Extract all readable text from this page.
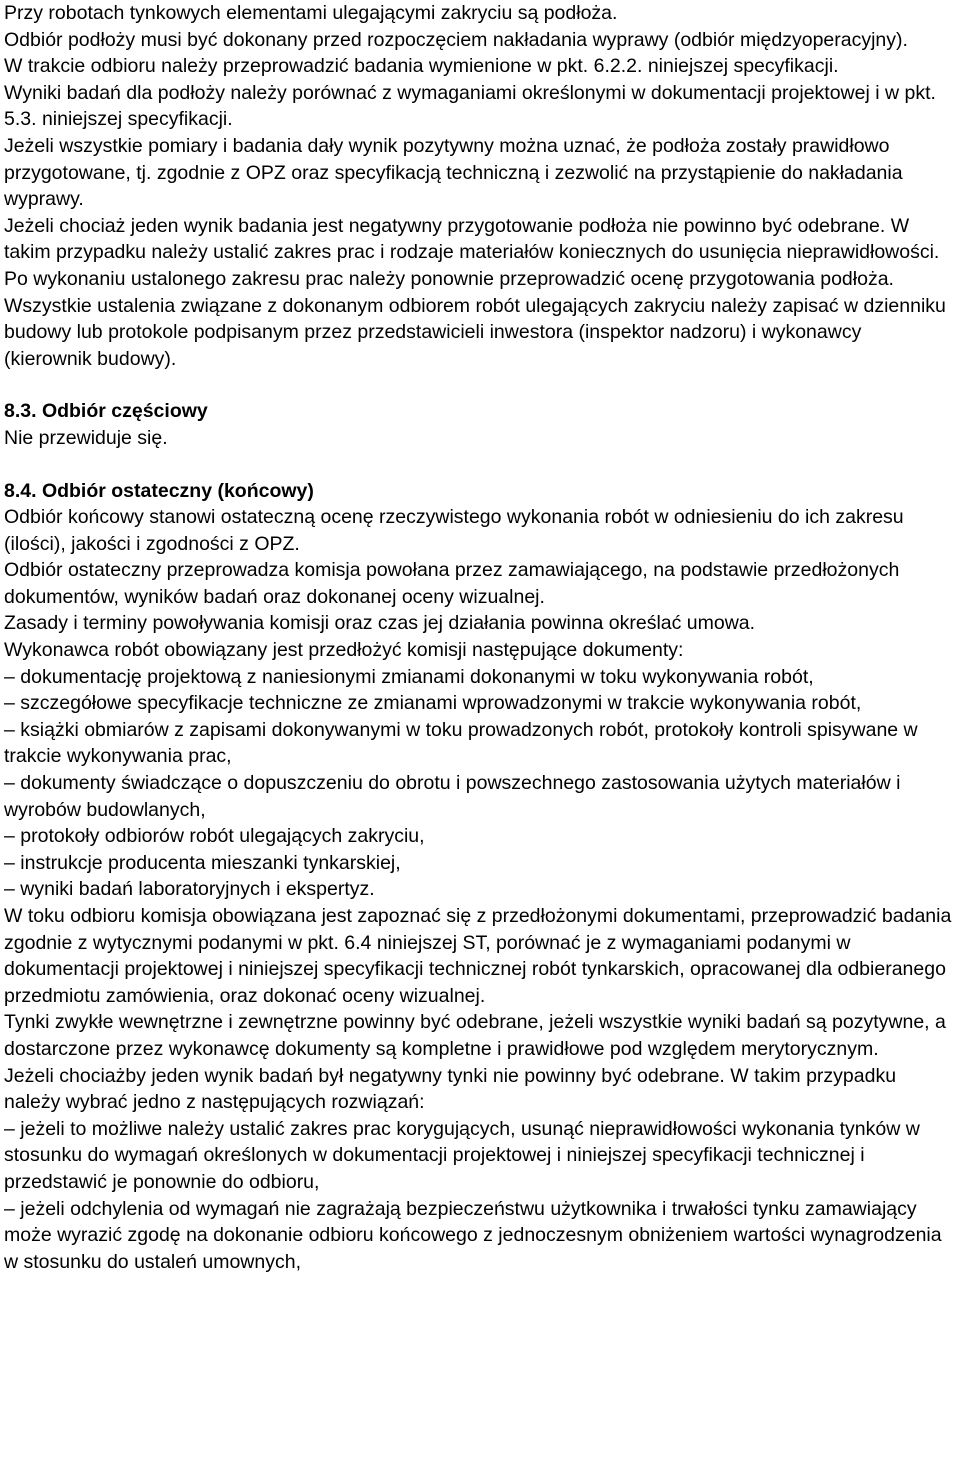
Przy robotach tynkowych elementami ulegającymi zakryciu są podłoża.

Odbiór podłoży musi być dokonany przed rozpoczęciem nakładania wyprawy (odbiór międzyoperacyjny).

W trakcie odbioru należy przeprowadzić badania wymienione w pkt. 6.2.2. niniejszej specyfikacji.

Wyniki badań dla podłoży należy porównać z wymaganiami określonymi w dokumentacji projektowej i w pkt. 5.3. niniejszej specyfikacji.

Jeżeli wszystkie pomiary i badania dały wynik pozytywny można uznać, że podłoża zostały prawidłowo przygotowane, tj. zgodnie z OPZ oraz specyfikacją techniczną i zezwolić na przystąpienie do nakładania wyprawy.

Jeżeli chociaż jeden wynik badania jest negatywny przygotowanie podłoża nie powinno być odebrane. W takim przypadku należy ustalić zakres prac i rodzaje materiałów koniecznych do usunięcia nieprawidłowości. Po wykonaniu ustalonego zakresu prac należy ponownie przeprowadzić ocenę przygotowania podłoża.

Wszystkie ustalenia związane z dokonanym odbiorem robót ulegających zakryciu należy zapisać w dzienniku budowy lub protokole podpisanym przez przedstawicieli inwestora (inspektor nadzoru) i wykonawcy (kierownik budowy).

8.3. Odbiór częściowy

Nie przewiduje się.

8.4. Odbiór ostateczny (końcowy)

Odbiór końcowy stanowi ostateczną ocenę rzeczywistego wykonania robót w odniesieniu do ich zakresu (ilości), jakości i zgodności z OPZ.

Odbiór ostateczny przeprowadza komisja powołana przez zamawiającego, na podstawie przedłożonych dokumentów, wyników badań oraz dokonanej oceny wizualnej.

Zasady i terminy powoływania komisji oraz czas jej działania powinna określać umowa.

Wykonawca robót obowiązany jest przedłożyć komisji następujące dokumenty:

– dokumentację projektową z naniesionymi zmianami dokonanymi w toku wykonywania robót,

– szczegółowe specyfikacje techniczne ze zmianami wprowadzonymi w trakcie wykonywania robót,

– książki obmiarów z zapisami dokonywanymi w toku prowadzonych robót, protokoły kontroli spisywane w trakcie wykonywania prac,

– dokumenty świadczące o dopuszczeniu do obrotu i powszechnego zastosowania użytych materiałów i wyrobów budowlanych,

– protokoły odbiorów robót ulegających zakryciu,

– instrukcje producenta mieszanki tynkarskiej,

– wyniki badań laboratoryjnych i ekspertyz.

W toku odbioru komisja obowiązana jest zapoznać się z przedłożonymi dokumentami, przeprowadzić badania zgodnie z wytycznymi podanymi w pkt. 6.4 niniejszej ST, porównać je z wymaganiami podanymi w dokumentacji projektowej i niniejszej specyfikacji technicznej robót tynkarskich, opracowanej dla odbieranego przedmiotu zamówienia, oraz dokonać oceny wizualnej.

Tynki zwykłe wewnętrzne i zewnętrzne powinny być odebrane, jeżeli wszystkie wyniki badań są pozytywne, a dostarczone przez wykonawcę dokumenty są kompletne i prawidłowe pod względem merytorycznym.

Jeżeli chociażby jeden wynik badań był negatywny tynki nie powinny być odebrane. W takim przypadku należy wybrać jedno z następujących rozwiązań:

– jeżeli to możliwe należy ustalić zakres prac korygujących, usunąć nieprawidłowości wykonania tynków w stosunku do wymagań określonych w dokumentacji projektowej i niniejszej specyfikacji technicznej i przedstawić je ponownie do odbioru,

– jeżeli odchylenia od wymagań nie zagrażają bezpieczeństwu użytkownika i trwałości tynku zamawiający może wyrazić zgodę na dokonanie odbioru końcowego z jednoczesnym obniżeniem wartości wynagrodzenia w stosunku do ustaleń umownych,
